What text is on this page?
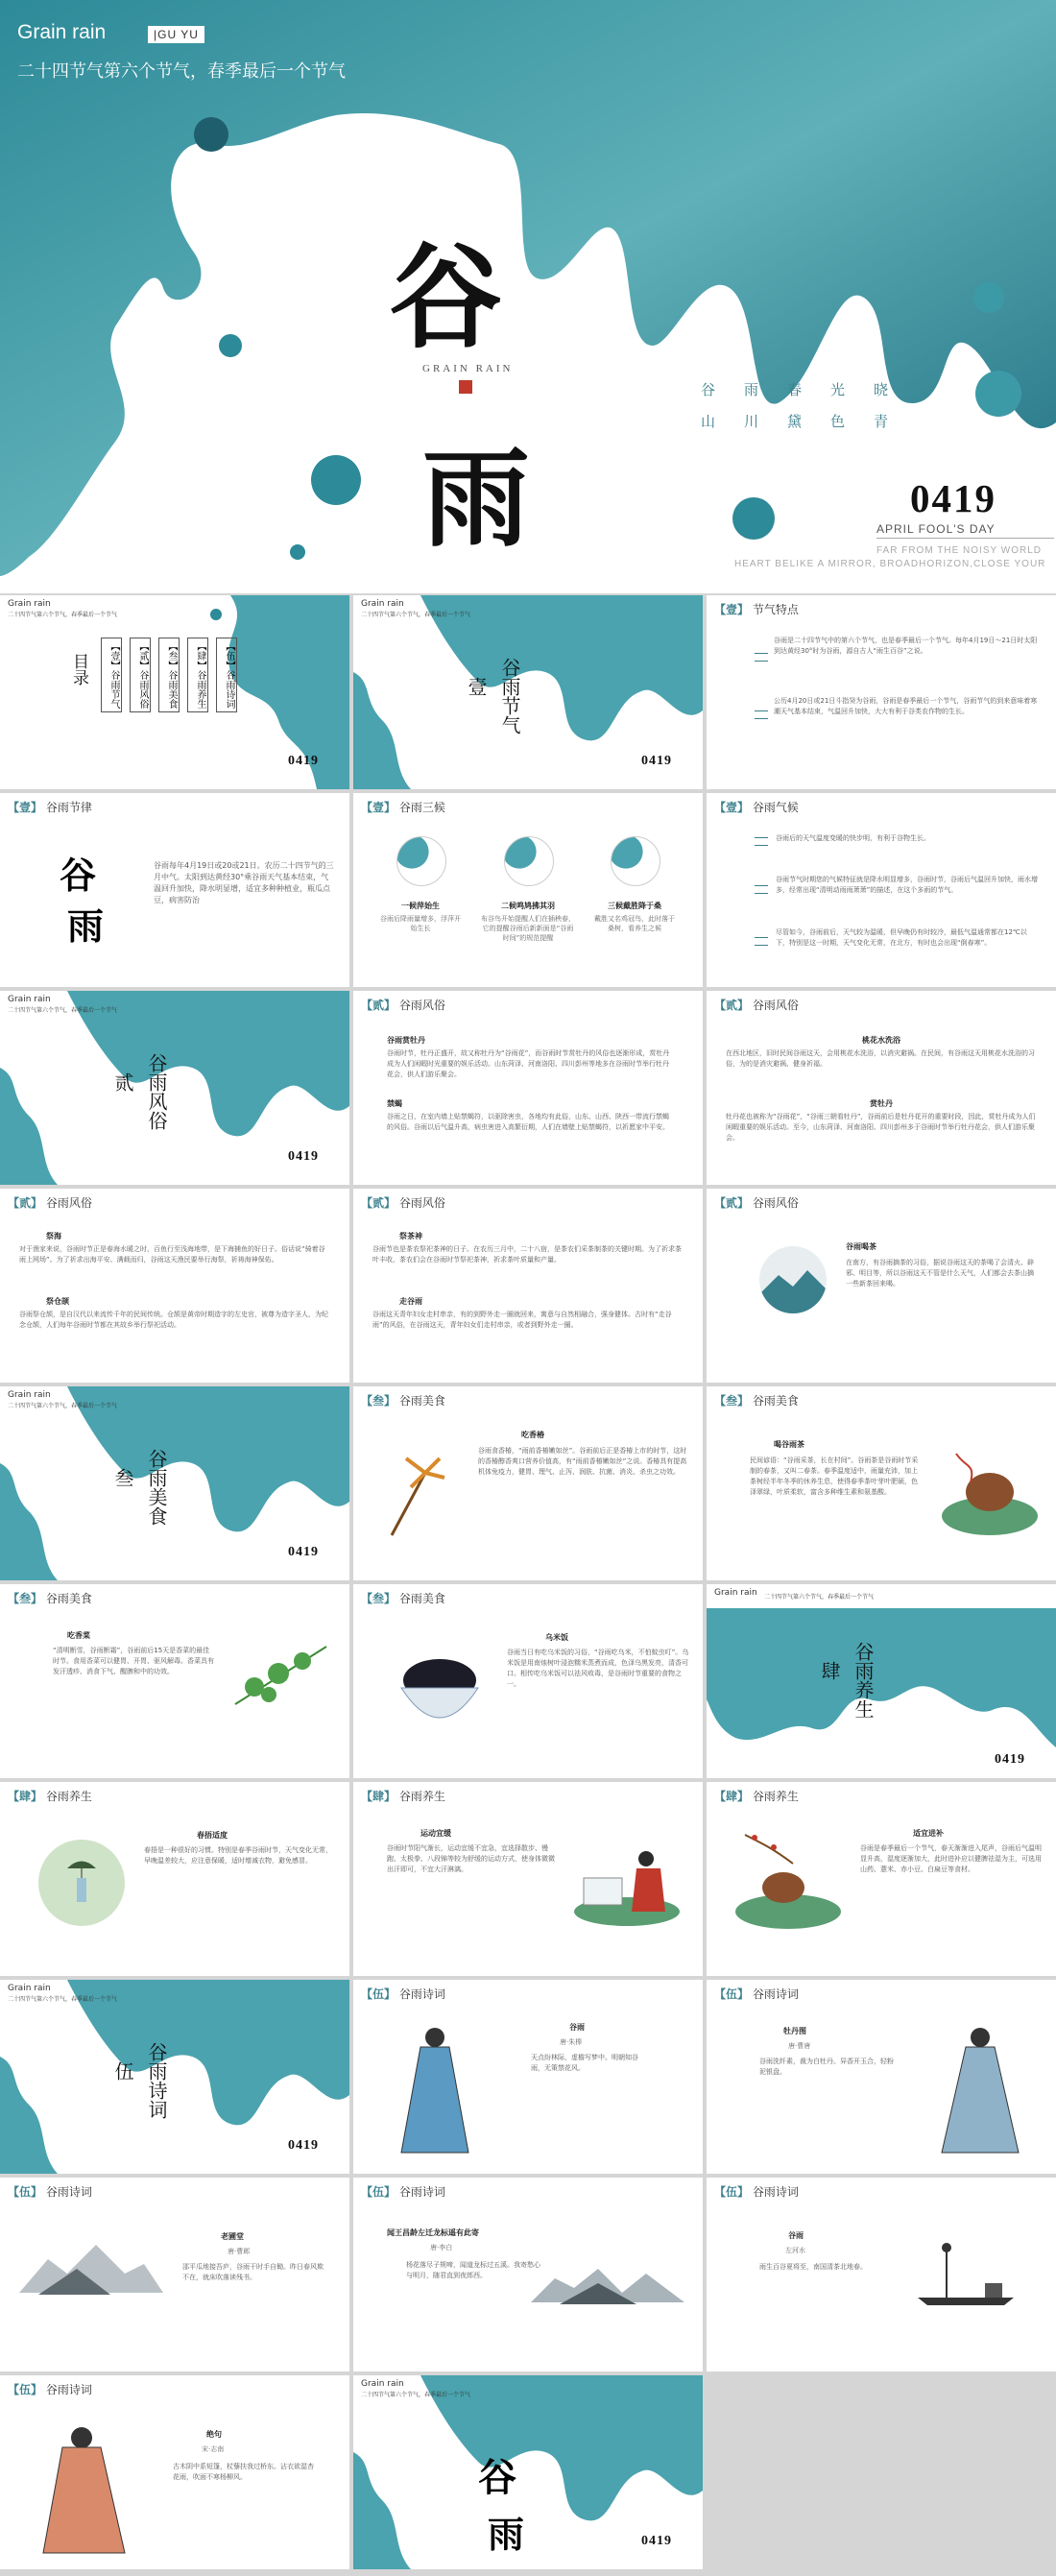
Grain rain	|GU YU
二十四节气第六个节气，春季最后一个节气
谷
GRAIN RAIN
雨
谷雨春光晓
山川黛色青
0419
APRIL FOOL'S DAY
FAR FROM THE NOISY WORLD
HEART BELIKE A MIRROR, BROADHORIZON,CLOSE YOUR
Grain rain
二十四节气第六个节气，春季最后一个节气
目录	【壹】谷雨节气	【贰】谷雨风俗	【叁】谷雨美食	【肆】谷雨养生	【伍】谷雨诗词
0419
Grain rain
二十四节气第六个节气，春季最后一个节气
壹 谷雨节气
0419
【壹】 节气特点
谷雨是二十四节气中的第六个节气，也是春季最后一个节气。每年4月19日～21日时太阳到达黄经30°时为谷雨，源自古人“雨生百谷”之说。
公历4月20日或21日斗指癸为谷雨，谷雨是春季最后一个节气，谷雨节气的到来意味着寒潮天气基本结束，气温回升加快，大大有利于谷类农作物的生长。
【壹】 谷雨节律
谷
雨
谷雨每年4月19日或20或21日。农历二十四节气的三月中气。太阳到达黄经30°乘谷雨天气基本结束，气温回升加快，降水明显增，适宜多种种植业，瓶瓜点豆，病害防治
【壹】 谷雨三候
一候萍始生
谷雨后降雨量增多，浮萍开始生长
二候鸣鸠拂其羽
布谷鸟开始提醒人们在插秧春，它的提醒谷雨后新新面是“谷雨时间”的规范提醒
三候戴胜降于桑
戴胜又名鸡冠鸟，此时落于桑树，看养生之候
【壹】 谷雨气候
谷雨后的天气温度变暖的快步明，有利于谷物生长。
谷雨节气时期您的气候特征就是降水明显增多，谷雨时节，谷雨后气温回升加快，雨水增多，经常出现“清明动雨雨萧萧”的描述，在这个多雨的节气。
尽管如今，谷雨前后，天气较为温暖，但早晚仍有时较冷，最低气温通常都在12℃以下，特别是这一时期，天气变化无常，在北方，有时也会出现“倒春寒”。
Grain rain
二十四节气第六个节气，春季最后一个节气
贰 谷雨风俗
0419
【贰】 谷雨风俗
谷雨赏牡丹
谷雨时节，牡丹正盛开，故又称牡丹为“谷雨花”，而谷雨时节赏牡丹的风俗也逐渐形成，赏牡丹成为人们闲暇时光重要的娱乐活动。山东菏泽、河南洛阳、四川彭州等地多在谷雨时节举行牡丹花会，供人们游乐聚会。
禁蝎
谷雨之日，在室内墙上贴禁蝎符，以驱除害虫，各地均有此俗，山东、山西、陕西一带流行禁蝎的风俗。谷雨以后气温升高，病虫害进入高繁衍期，人们在墙壁上贴禁蝎符，以祈愿家中平安。
【贰】 谷雨风俗
桃花水洗浴
在西北地区，旧时民间谷雨这天，会用桃花水洗浴，以消灾避祸。在民间，有谷雨这天用桃花水洗浴的习俗，为的是消灾避祸、健身祈福。
赏牡丹
牡丹花也被称为“谷雨花”，“谷雨三朝看牡丹”，谷雨前后是牡丹花开的重要时段，因此，赏牡丹成为人们闲暇重要的娱乐活动。至今，山东菏泽、河南洛阳、四川彭州多于谷雨时节举行牡丹花会，供人们游乐聚会。
【贰】 谷雨风俗
祭海
对于渔家来说，谷雨时节正是春海水暖之时，百鱼行至浅海地带，是下海捕鱼的好日子。俗话说“骑着谷雨上网场”。为了祈求出海平安、满载而归，谷雨这天渔民要举行海祭，祈祷海神保佑。
祭仓颉
谷雨祭仓颉，是自汉代以来流传千年的民间传统。仓颉是黄帝时期造字的左史官，被尊为造字圣人，为纪念仓颉，人们每年谷雨时节都在其故乡举行祭祀活动。
【贰】 谷雨风俗
祭茶神
谷雨节也是茶农祭祀茶神的日子。在农历三月中，二十八宿，是茶农们采茶制茶的关键时期。为了祈求茶叶丰收，茶农们会在谷雨时节祭祀茶神，祈求茶叶质量和产量。
走谷雨
谷雨这天青年妇女走村串亲，有的到野外走一圈就回来，寓意与自然相融合，强身健体。古时有“走谷雨”的风俗，在谷雨这天，青年妇女们走村串亲，或者到野外走一圈。
【贰】 谷雨风俗
谷雨喝茶
在南方，有谷雨摘茶的习俗，据说谷雨这天的茶喝了会清火、辟邪、明目等，所以谷雨这天不管是什么天气，人们都会去茶山摘一些新茶回来喝。
Grain rain
二十四节气第六个节气，春季最后一个节气
叁 谷雨美食
0419
【叁】 谷雨美食
吃香椿
谷雨食香椿，“雨前香椿嫩如丝”。谷雨前后正是香椿上市的时节，这时的香椿醇香爽口营养价值高，有“雨前香椿嫩如丝”之说。香椿具有提高机体免疫力，健胃、理气、止泻、润肤、抗菌、消炎、杀虫之功效。
【叁】 谷雨美食
喝谷雨茶
民间谚语：“谷雨采茶，长在村间”。谷雨茶是谷雨时节采制的春茶，又叫二春茶。春季温度适中，雨量充沛，加上茶树经半年冬季的休养生息，使得春季茶叶芽叶肥硕，色泽翠绿，叶质柔软，富含多种维生素和氨基酸。
【叁】 谷雨美食
吃香菜
“清明断雪，谷雨断霜”，谷雨前后15天是香菜的最佳时节。食用香菜可以健胃、开胃、驱风解毒。香菜具有发汗透疹、消食下气、醒脾和中的功效。
【叁】 谷雨美食
乌米饭
谷雨当日有吃乌米饭的习俗，“谷雨吃乌米，不怕蚊虫叮”。乌米饭是用南烛树叶浸泡糯米蒸煮而成，色泽乌黑发亮，清香可口。相传吃乌米饭可以祛风败毒，是谷雨时节重要的食物之一。
Grain rain 二十四节气第六个节气，春季最后一个节气
肆 谷雨养生
0419
【肆】 谷雨养生
春捂适度
春捂是一种很好的习惯。特别是春季谷雨时节，天气变化无常，早晚温差较大，应注意保暖，适时增减衣物，避免感冒。
【肆】 谷雨养生
运动宜缓
谷雨时节阳气渐长，运动宜缓不宜急，宜选择散步、慢跑、太极拳、八段锦等较为舒缓的运动方式，使身体微微出汗即可，不宜大汗淋漓。
【肆】 谷雨养生
适宜进补
谷雨是春季最后一个节气，春天渐渐进入尾声，谷雨后气温明显升高，湿度逐渐加大，此时进补应以健脾祛湿为主，可选用山药、薏米、赤小豆、白扁豆等食材。
Grain rain
二十四节气第六个节气，春季最后一个节气
伍 谷雨诗词
0419
【伍】 谷雨诗词
谷雨
唐·朱槔
天点纷林际，虚檐写梦中。明朝知谷雨，无策禁花风。
【伍】 谷雨诗词
牡丹图
唐·曹唐
谷雨洗纤素，裁为白牡丹。异香开玉合，轻粉泥银盘。
【伍】 谷雨诗词
老圃堂
唐·曹邺
邵平瓜地接吾庐，谷雨干时手自锄。昨日春风欺不在，就床吹落读残书。
【伍】 谷雨诗词
闻王昌龄左迁龙标遥有此寄
唐·李白
杨花落尽子规啼，闻道龙标过五溪。我寄愁心与明月，随君直到夜郎西。
【伍】 谷雨诗词
谷雨
左河水
雨生百谷夏将至，南国清茶北地春。
【伍】 谷雨诗词
绝句
宋·志南
古木阴中系短篷，杖藜扶我过桥东。沾衣欲湿杏花雨，吹面不寒杨柳风。
Grain rain
二十四节气第六个节气，春季最后一个节气
谷
雨	0419
